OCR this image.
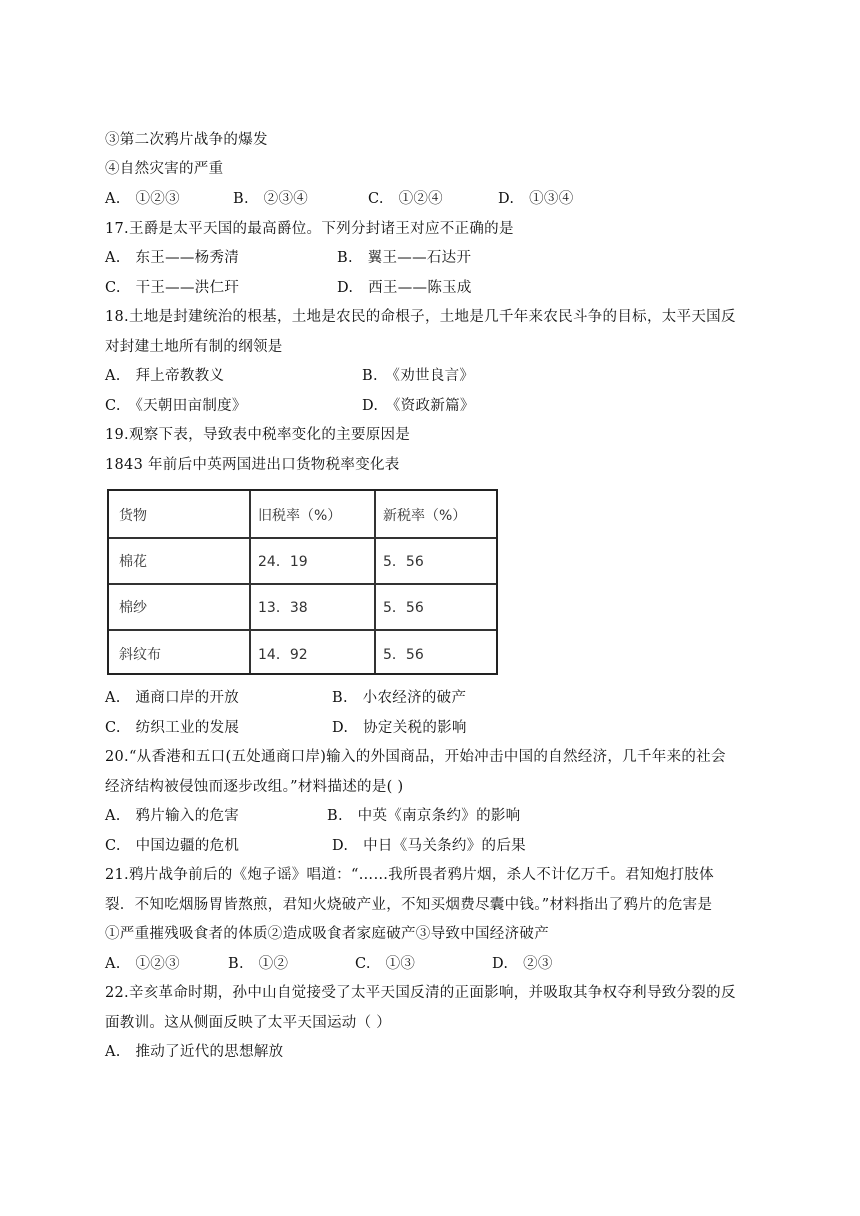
③第二次鸦片战争的爆发
④自然灾害的严重
A.　①②③	B.　②③④	C.　①②④	D.　①③④
17.王爵是太平天国的最高爵位。下列分封诸王对应不正确的是
A.　东王——杨秀清	B.　翼王——石达开
C.　干王——洪仁玕	D.　西王——陈玉成
18.土地是封建统治的根基，土地是农民的命根子，土地是几千年来农民斗争的目标，太平天国反
对封建土地所有制的纲领是
A.　拜上帝教教义	B.　《劝世良言》
C.　《天朝田亩制度》	D.　《资政新篇》
19.观察下表，导致表中税率变化的主要原因是
1843 年前后中英两国进出口货物税率变化表
货物	旧税率（%）	新税率（%）
棉花	24．19	5．56
棉纱	13．38	5．56
斜纹布	14．92	5．56
A.　通商口岸的开放	B.　小农经济的破产
C.　纺织工业的发展	D.　协定关税的影响
20.“从香港和五口(五处通商口岸)输入的外国商品，开始冲击中国的自然经济，几千年来的社会
经济结构被侵蚀而逐步改组。”材料描述的是( )
A.　鸦片输入的危害	B.　中英《南京条约》的影响
C.　中国边疆的危机	D.　中日《马关条约》的后果
21.鸦片战争前后的《炮子谣》唱道：“……我所畏者鸦片烟，杀人不计亿万千。君知炮打肢体
裂．不知吃烟肠胃皆熬煎，君知火烧破产业，不知买烟费尽囊中钱。”材料指出了鸦片的危害是
①严重摧残吸食者的体质②造成吸食者家庭破产③导致中国经济破产
A.　①②③	B.　①②	C.　①③	D.　②③
22.辛亥革命时期，孙中山自觉接受了太平天国反清的正面影响，并吸取其争权夺利导致分裂的反
面教训。这从侧面反映了太平天国运动（ ）
A.　推动了近代的思想解放
